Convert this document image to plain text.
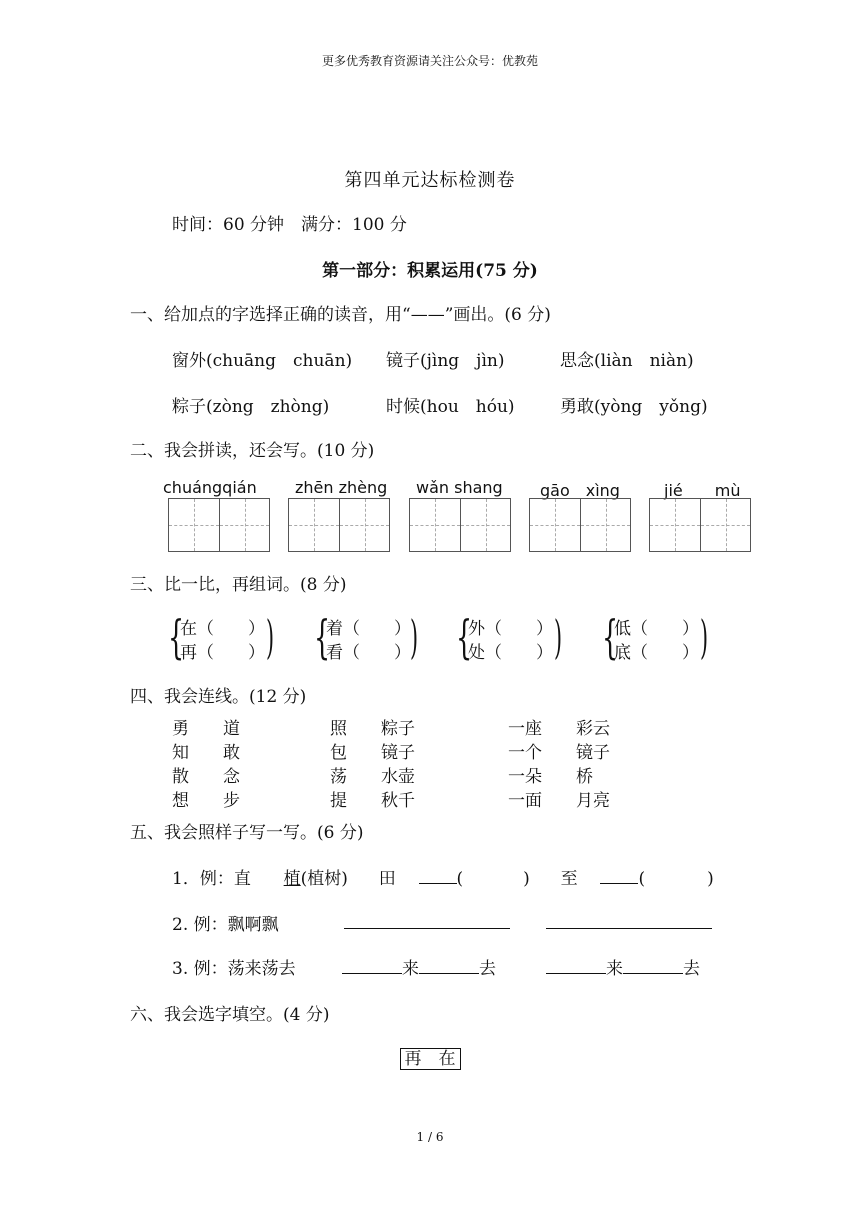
更多优秀教育资源请关注公众号：优教苑
第四单元达标检测卷
时间：60 分钟　满分：100 分
第一部分：积累运用(75 分)
一、给加点的字选择正确的读音，用“——”画出。(6 分)
窗外(chuāng　chuān) 镜子(jìng　jìn)	思念(liàn　niàn)
粽子(zòng　zhòng)	时候(hou　hóu)	勇敢(yòng　yǒng)
二、我会拼读，还会写。(10 分)
chuángqián zhēn zhèng wǎn shang gāo　xìng	jié　　mù
三、比一比，再组词。(8 分)
{
在（　　）
再（　　） ) {
着（　　）
看（　　） ) {
外（　　）
处（　　） ) {
低（　　）
底（　　） )
四、我会连线。(12 分)
勇　　道
知　　敢
散　　念
想　　步
照　　粽子
包　　镜子
荡　　水壶
提　　秋千
一座　　彩云
一个　　镜子
一朵　　桥
一面　　月亮
五、我会照样子写一写。(6 分)
1．例：直 植(植树) 田	(	) 至	(	)
2. 例：飘啊飘
3. 例：荡来荡去	来	去	来	去
六、我会选字填空。(4 分)
再　在
1 / 6
